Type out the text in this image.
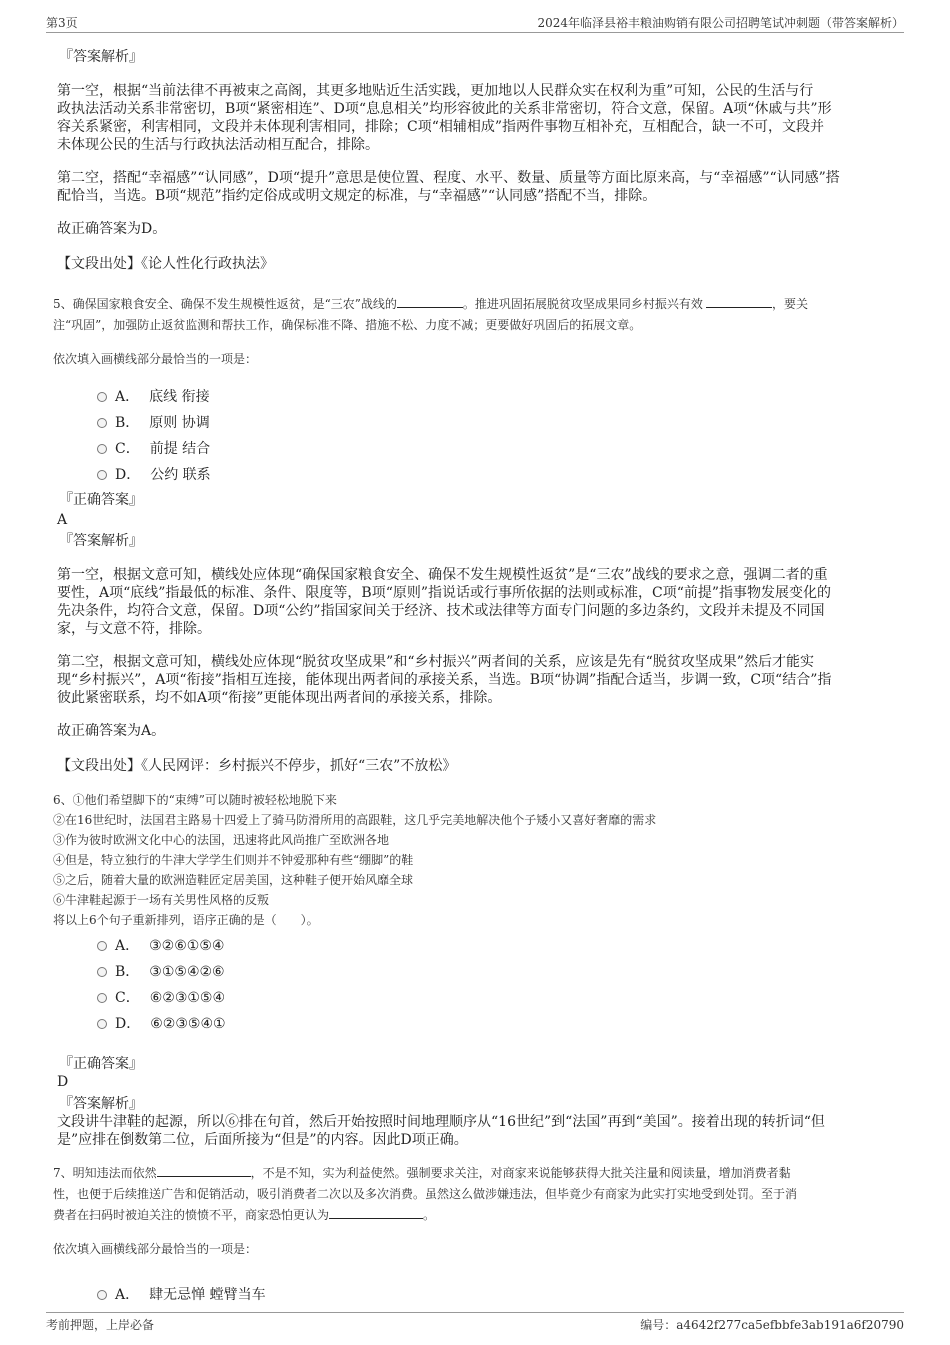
第3页	2024年临泽县裕丰粮油购销有限公司招聘笔试冲刺题（带答案解析）
『答案解析』
第一空，根据“当前法律不再被束之高阁，其更多地贴近生活实践，更加地以人民群众实在权利为重”可知，公民的生活与行
政执法活动关系非常密切，B项“紧密相连”、D项“息息相关”均形容彼此的关系非常密切，符合文意，保留。A项“休戚与共”形
容关系紧密，利害相同，文段并未体现利害相同，排除；C项“相辅相成”指两件事物互相补充，互相配合，缺一不可，文段并
未体现公民的生活与行政执法活动相互配合，排除。
第二空，搭配“幸福感”“认同感”，D项“提升”意思是使位置、程度、水平、数量、质量等方面比原来高，与“幸福感”“认同感”搭
配恰当，当选。B项“规范”指约定俗成或明文规定的标准，与“幸福感”“认同感”搭配不当，排除。
故正确答案为D。
【文段出处】《论人性化行政执法》
5、确保国家粮食安全、确保不发生规模性返贫，是“三农”战线的	。推进巩固拓展脱贫攻坚成果同乡村振兴有效	，要关
注“巩固”，加强防止返贫监测和帮扶工作，确保标准不降、措施不松、力度不减；更要做好巩固后的拓展文章。
依次填入画横线部分最恰当的一项是：
A． 底线 衔接
B． 原则 协调
C． 前提 结合
D． 公约 联系
『正确答案』
A
『答案解析』
第一空，根据文意可知，横线处应体现“确保国家粮食安全、确保不发生规模性返贫”是“三农”战线的要求之意，强调二者的重
要性，A项“底线”指最低的标准、条件、限度等，B项“原则”指说话或行事所依据的法则或标准，C项“前提”指事物发展变化的
先决条件，均符合文意，保留。D项“公约”指国家间关于经济、技术或法律等方面专门问题的多边条约，文段并未提及不同国
家，与文意不符，排除。
第二空，根据文意可知，横线处应体现“脱贫攻坚成果”和“乡村振兴”两者间的关系，应该是先有“脱贫攻坚成果”然后才能实
现“乡村振兴”，A项“衔接”指相互连接，能体现出两者间的承接关系，当选。B项“协调”指配合适当，步调一致，C项“结合”指
彼此紧密联系，均不如A项“衔接”更能体现出两者间的承接关系，排除。
故正确答案为A。
【文段出处】《人民网评：乡村振兴不停步，抓好“三农”不放松》
6、①他们希望脚下的“束缚”可以随时被轻松地脱下来
②在16世纪时，法国君主路易十四爱上了骑马防滑所用的高跟鞋，这几乎完美地解决他个子矮小又喜好奢靡的需求
③作为彼时欧洲文化中心的法国，迅速将此风尚推广至欧洲各地
④但是，特立独行的牛津大学学生们则并不钟爱那种有些“绷脚”的鞋
⑤之后，随着大量的欧洲造鞋匠定居美国，这种鞋子便开始风靡全球
⑥牛津鞋起源于一场有关男性风格的反叛
将以上6个句子重新排列，语序正确的是（　　）。
A． ③②⑥①⑤④
B． ③①⑤④②⑥
C． ⑥②③①⑤④
D． ⑥②③⑤④①
『正确答案』
D
『答案解析』
文段讲牛津鞋的起源，所以⑥排在句首，然后开始按照时间地理顺序从“16世纪”到“法国”再到“美国”。接着出现的转折词“但
是”应排在倒数第二位，后面所接为“但是”的内容。因此D项正确。
7、明知违法而依然	，不是不知，实为利益使然。强制要求关注，对商家来说能够获得大批关注量和阅读量，增加消费者黏
性，也便于后续推送广告和促销活动，吸引消费者二次以及多次消费。虽然这么做涉嫌违法，但毕竟少有商家为此实打实地受到处罚。至于消
费者在扫码时被迫关注的愤愤不平，商家恐怕更认为	。
依次填入画横线部分最恰当的一项是：
A． 肆无忌惮 螳臂当车
考前押题，上岸必备	编号：a4642f277ca5efbbfe3ab191a6f20790
